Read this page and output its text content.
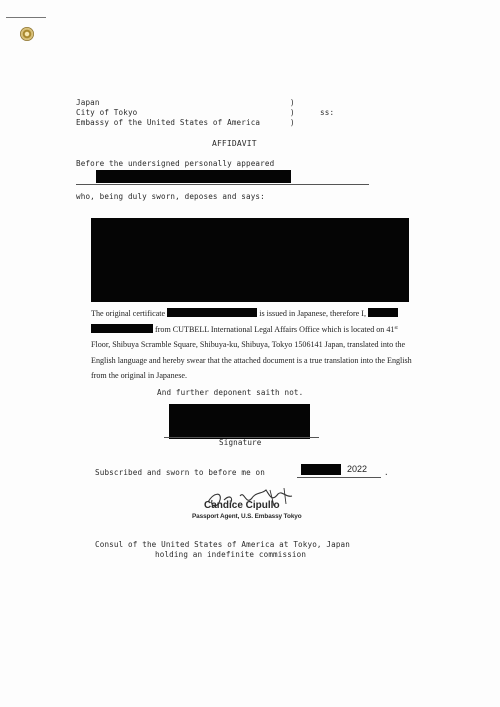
Japan
City of Tokyo
Embassy of the United States of America
)
)
)
ss:
AFFIDAVIT
Before the undersigned personally appeared
who, being duly sworn, deposes and says:
The original certificate	is issued in Japanese, therefore I,   from CUTBELL International Legal Affairs Office which is located on 41st Floor, Shibuya Scramble Square, Shibuya-ku, Shibuya, Tokyo 1506141 Japan, translated into the English language and hereby swear that the attached document is a true translation into the English from the original in Japanese.
And further deponent saith not.
Signature
Subscribed and sworn to before me on	2022 .
Candice Cipullo
Passport Agent, U.S. Embassy Tokyo
Consul of the United States of America at Tokyo, Japan
holding an indefinite commission
